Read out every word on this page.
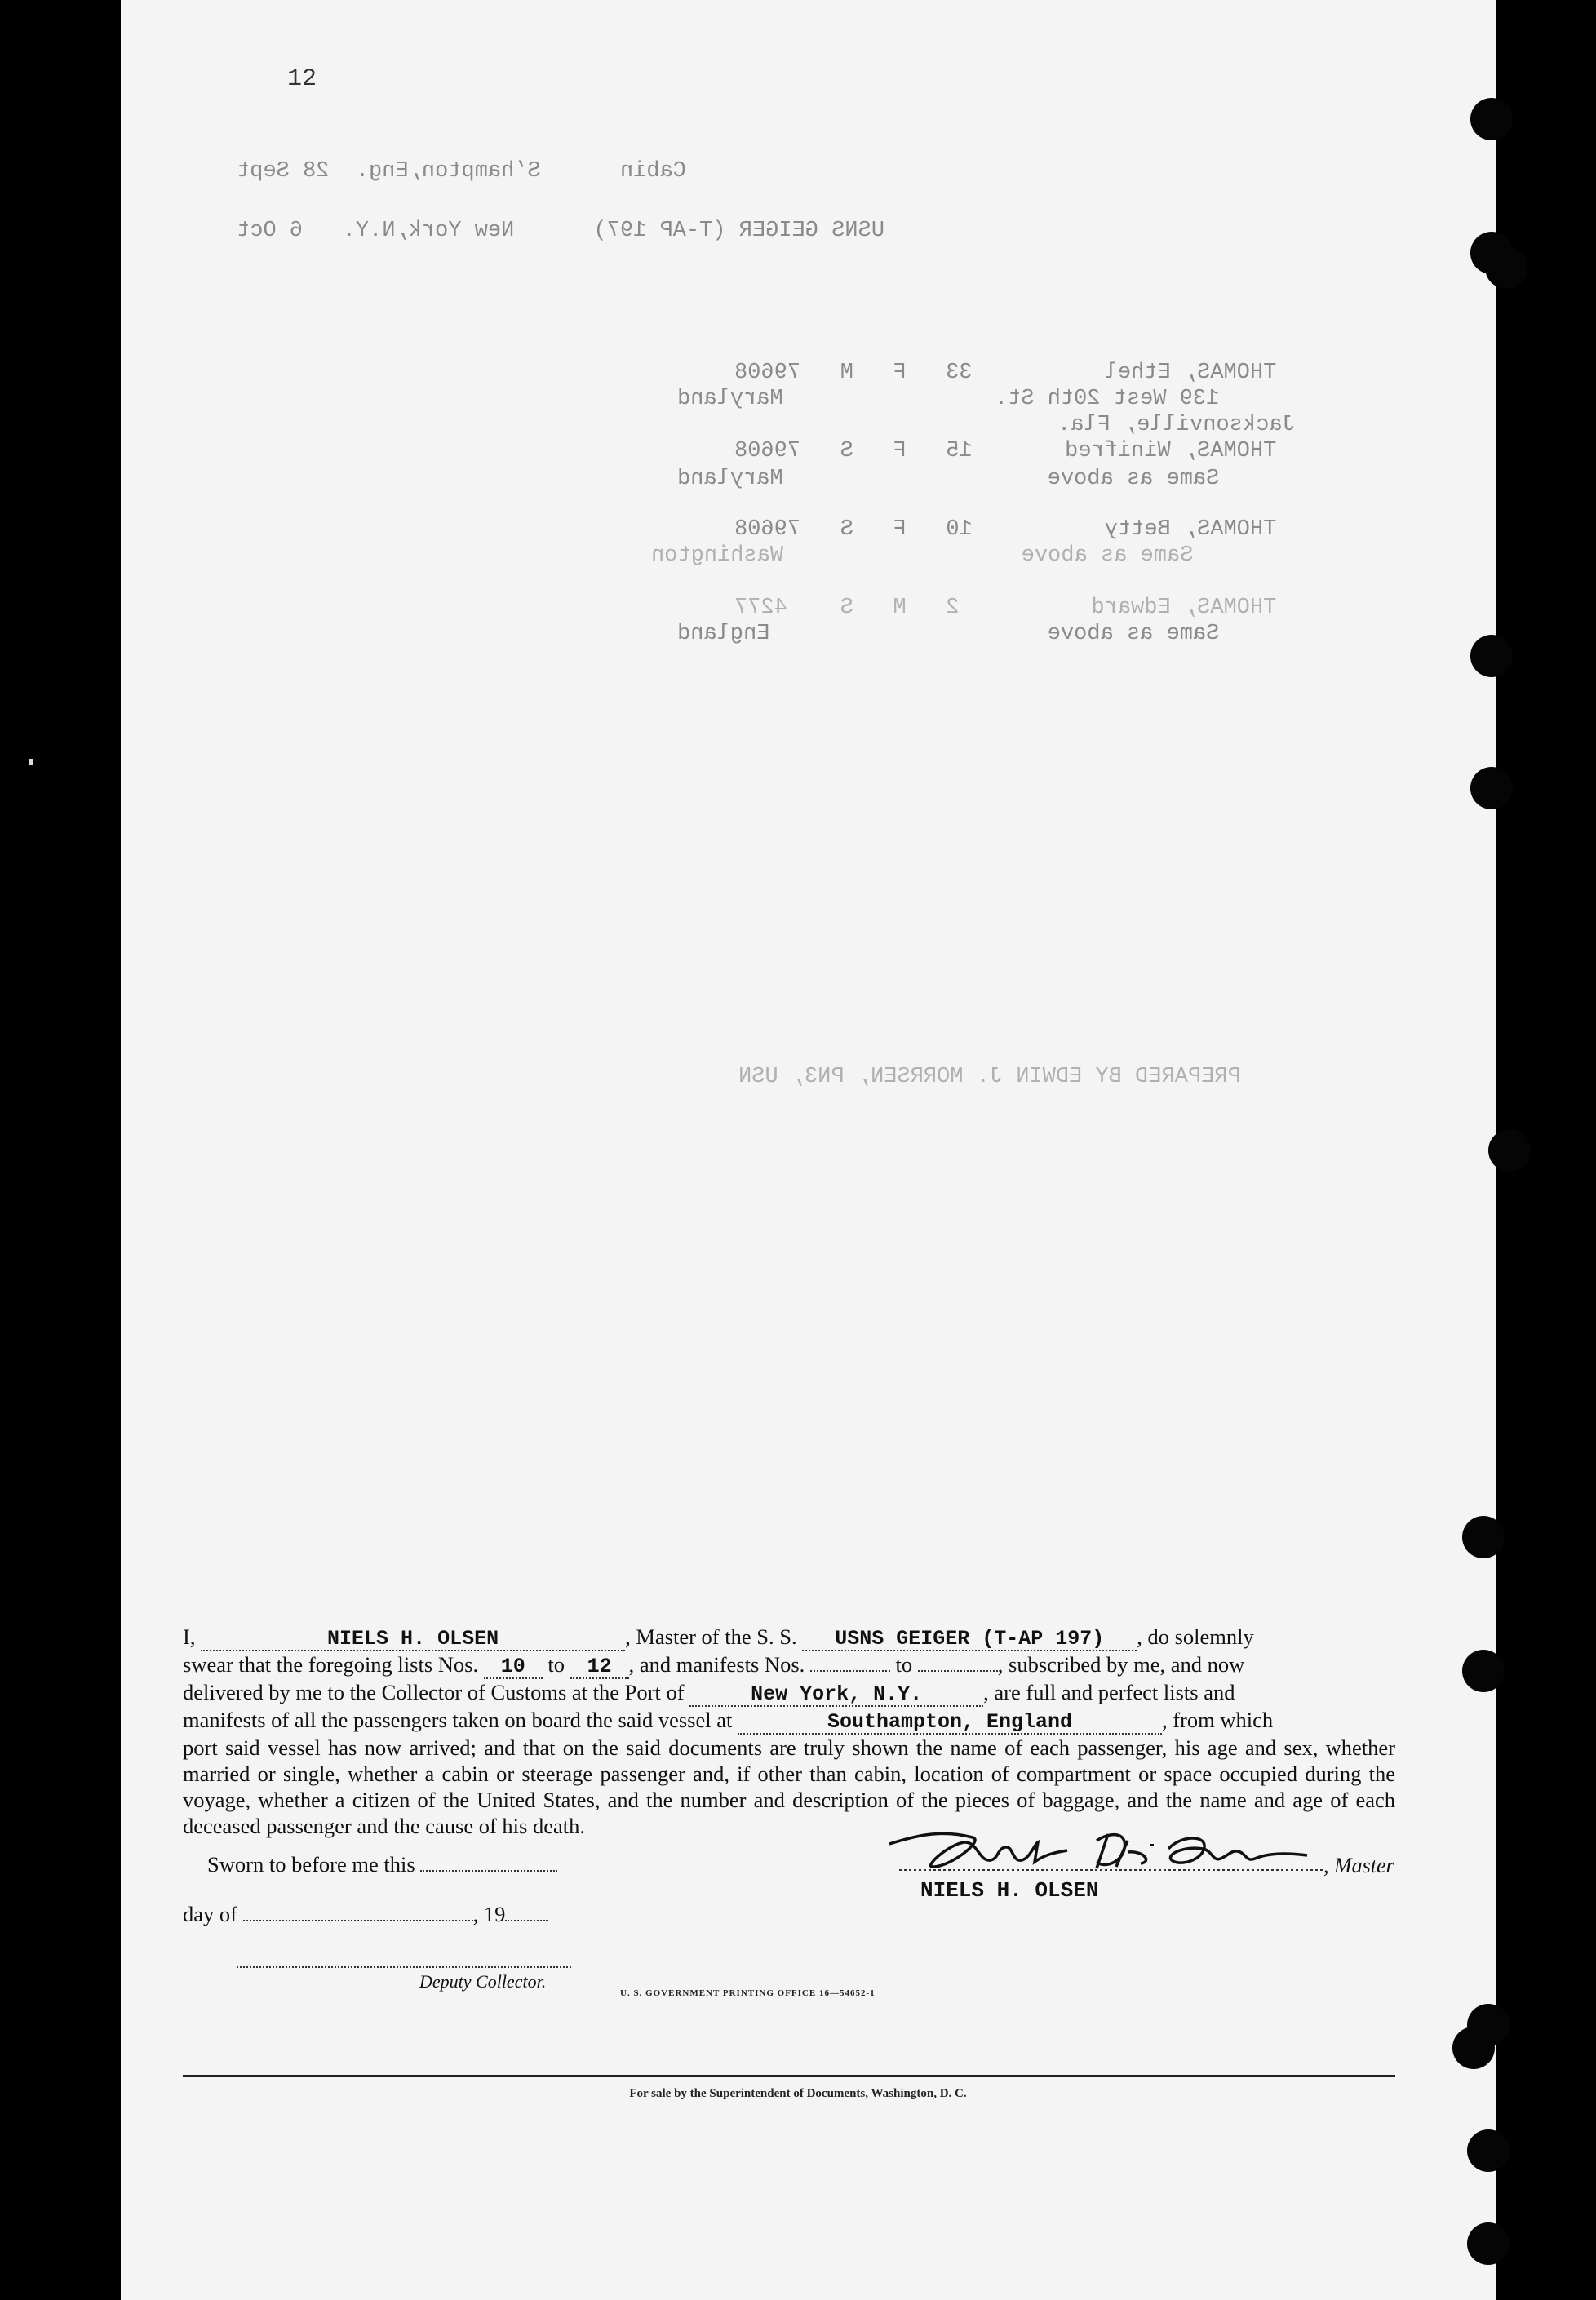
12
Cabin      S’hampton,Eng.  28 Sept
USNS GEIGER (T-AP 197)      New York,N.Y.   6 Oct
THOMAS, Ethel          33   F   M   79608
139 West 20th St.                Maryland
Jacksonville, Fla.
THOMAS, Winifred       15   F   S   79608
Same as above                    Maryland
THOMAS, Betty          10   F   S   79608
Same as above                  Washington
THOMAS, Edward          2   M   S    4277
Same as above                     England
PREPARED BY EDWIN J. MORRSEN, PN3, USN

I,	NIELS H. OLSEN	, Master of the S. S. USNS GEIGER (T-AP 197) , do solemnly

swear that the foregoing lists Nos. 10 to 12 , and manifests Nos.	to	, subscribed by me, and now

delivered by me to the Collector of Customs at the Port of	New York, N.Y.	, are full and perfect lists and

manifests of all the passengers taken on board the said vessel at	Southampton, England	, from which

port said vessel has now arrived; and that on the said documents are truly shown the name of each passenger, his age and sex, whether married or single, whether a cabin or steerage passenger and, if other than cabin, location of compartment or space occupied during the voyage, whether a citizen of the United States, and the number and description of the pieces of baggage, and the name and age of each deceased passenger and the cause of his death.

Sworn to before me this
day of	, 19
Deputy Collector.
, Master
NIELS H. OLSEN
U. S. GOVERNMENT PRINTING OFFICE 16—54652-1
For sale by the Superintendent of Documents, Washington, D. C.
